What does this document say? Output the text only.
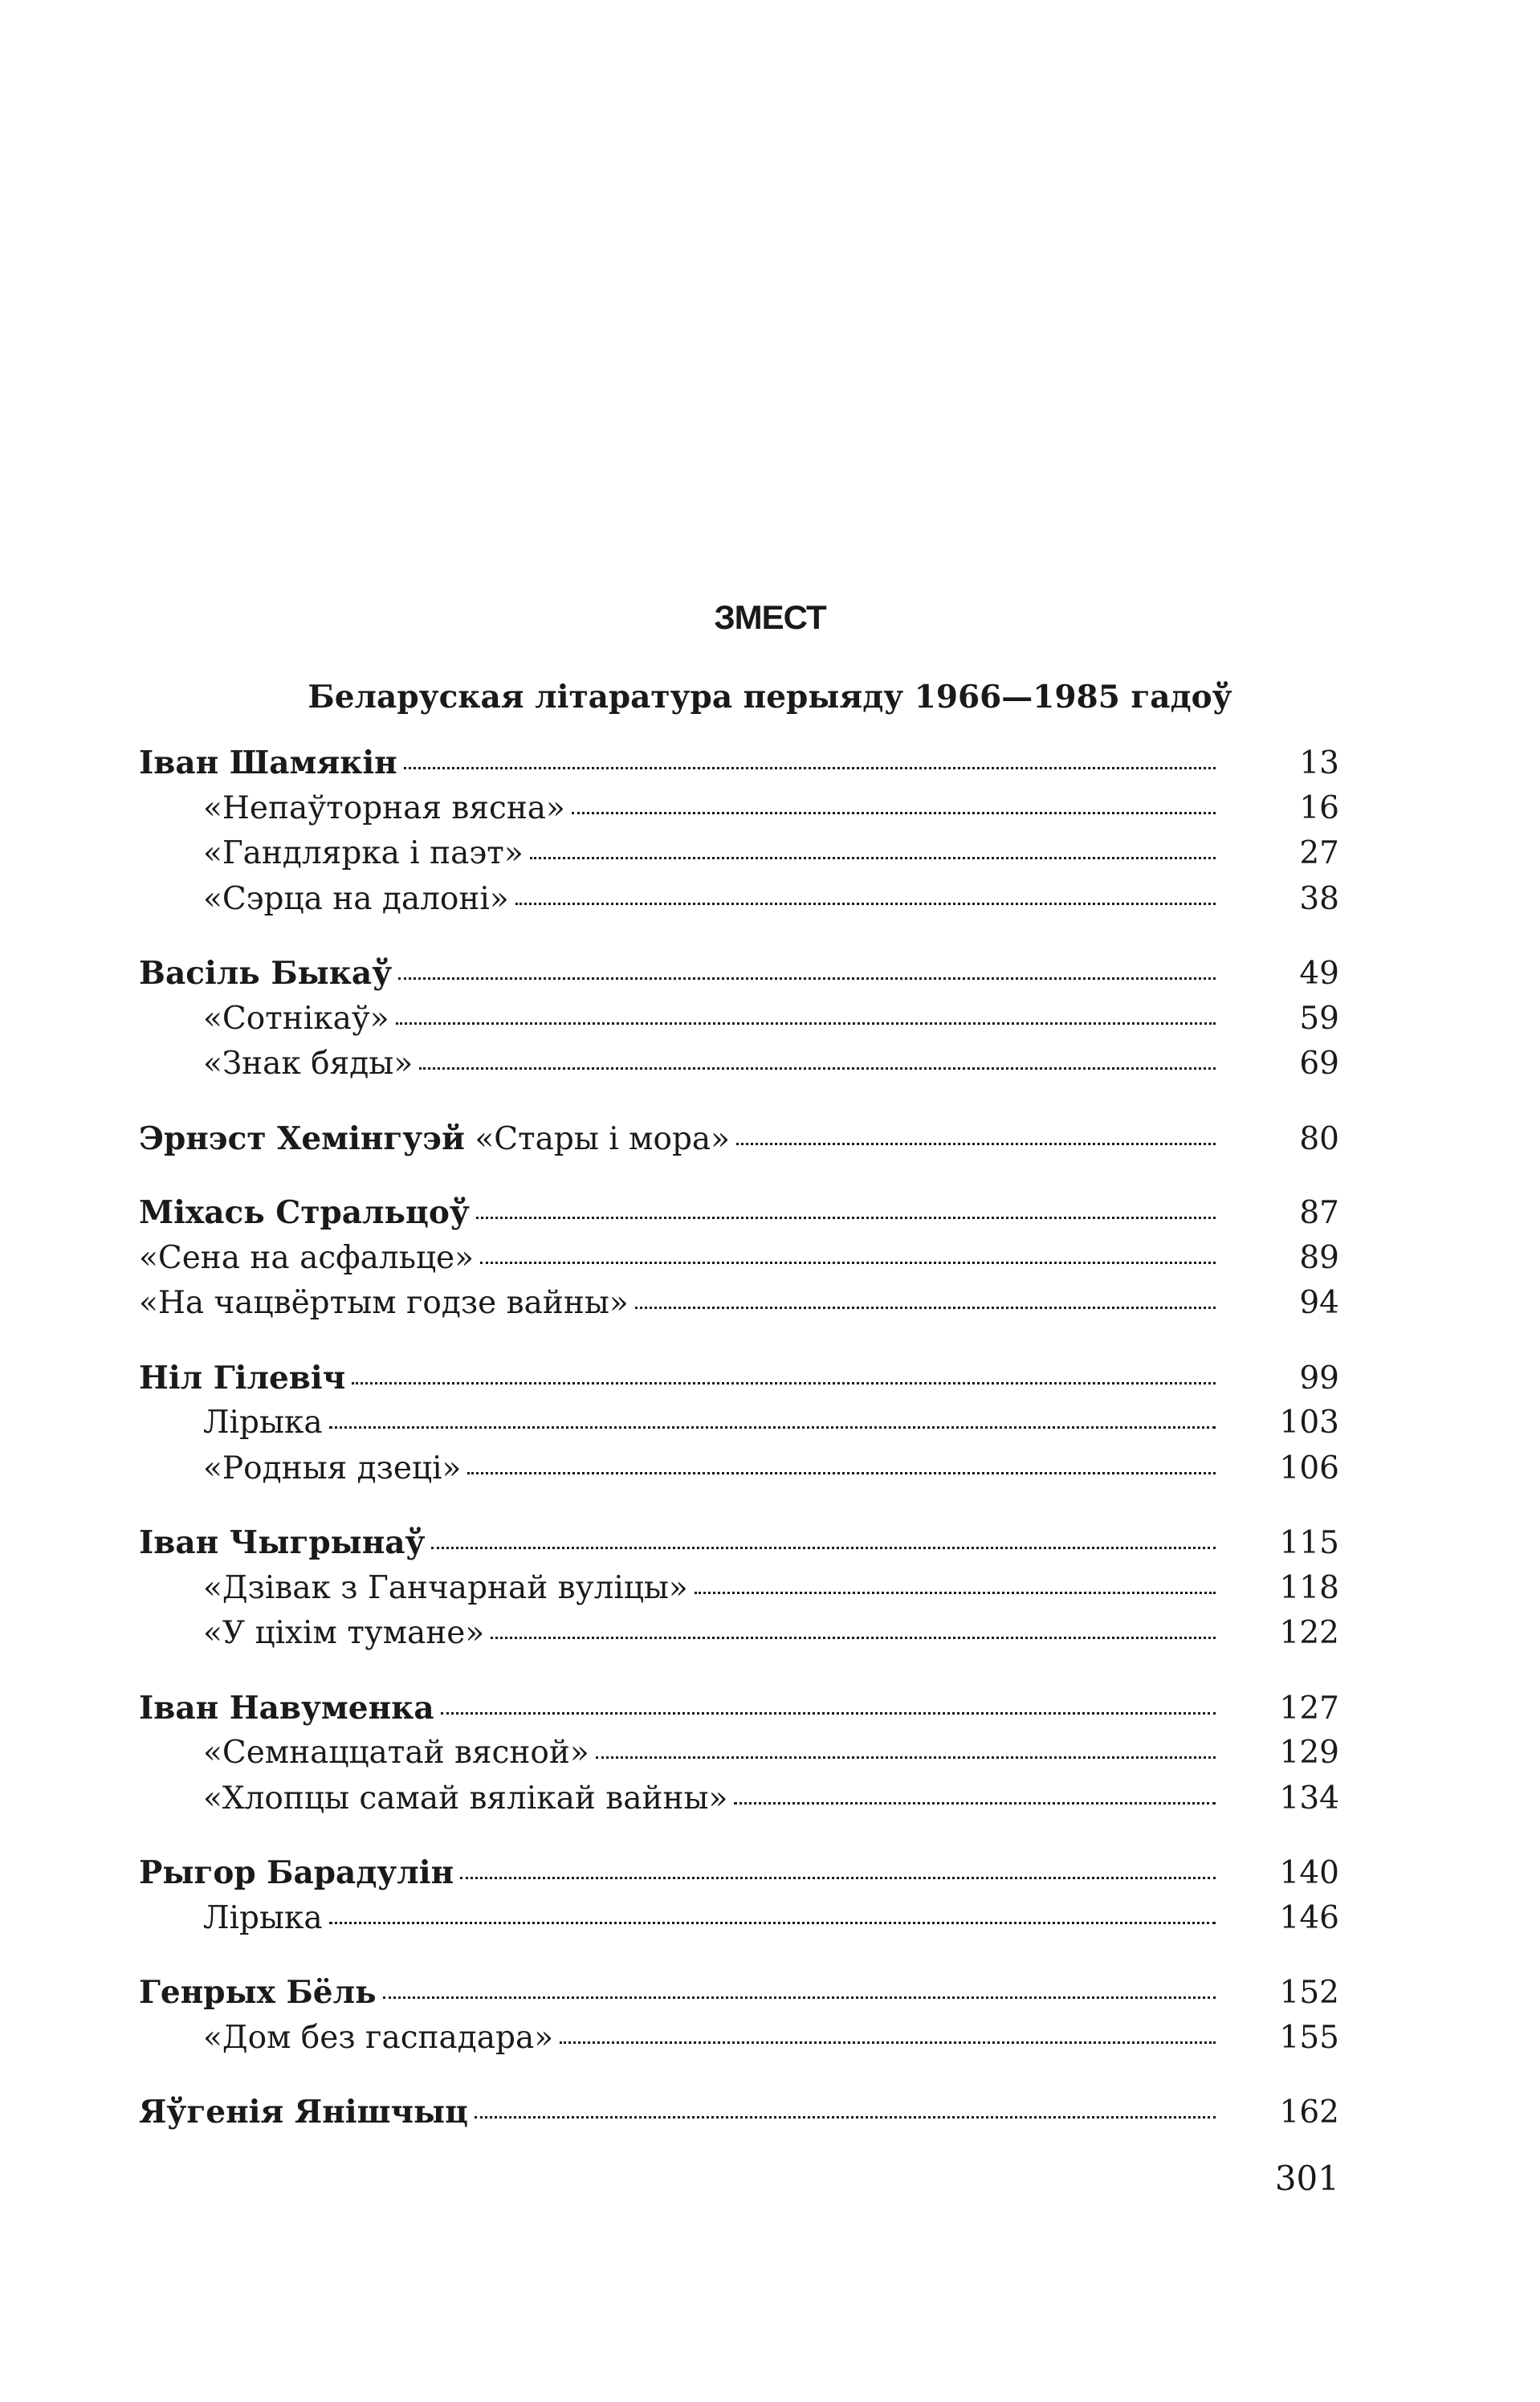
ЗМЕСТ
Беларуская літаратура перыяду 1966—1985 гадоў
Іван Шамякін	13
«Непаўторная вясна»	16
«Гандлярка і паэт»	27
«Сэрца на далоні»	38
Васіль Быкаў	49
«Сотнікаў»	59
«Знак бяды»	69
Эрнэст Хемінгуэй «Стары і мора»	80
Міхась Стральцоў	87
«Сена на асфальце»	89
«На чацвёртым годзе вайны»	94
Ніл Гілевіч	99
Лірыка	103
«Родныя дзеці»	106
Іван Чыгрынаў	115
«Дзівак з Ганчарнай вуліцы»	118
«У ціхім тумане»	122
Іван Навуменка	127
«Семнаццатай вясной»	129
«Хлопцы самай вялікай вайны»	134
Рыгор Барадулін	140
Лірыка	146
Генрых Бёль	152
«Дом без гаспадара»	155
Яўгенія Янішчыц	162
301
